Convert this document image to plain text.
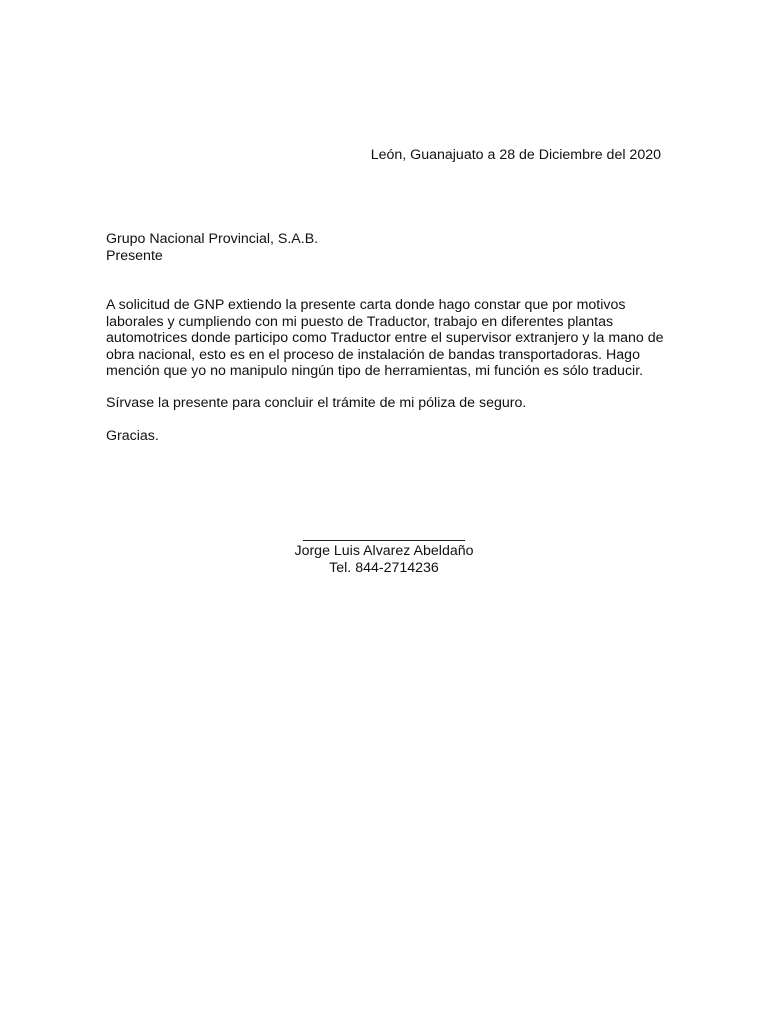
León, Guanajuato a 28 de Diciembre del 2020
Grupo Nacional Provincial, S.A.B.
Presente
A solicitud de GNP extiendo la presente carta donde hago constar que por motivos
laborales y cumpliendo con mi puesto de Traductor, trabajo en diferentes plantas
automotrices donde participo como Traductor entre el supervisor extranjero y la mano de
obra nacional, esto es en el proceso de instalación de bandas transportadoras. Hago
mención que yo no manipulo ningún tipo de herramientas, mi función es sólo traducir.
Sírvase la presente para concluir el trámite de mi póliza de seguro.
Gracias.
Jorge Luis Alvarez Abeldaño
Tel. 844-2714236
